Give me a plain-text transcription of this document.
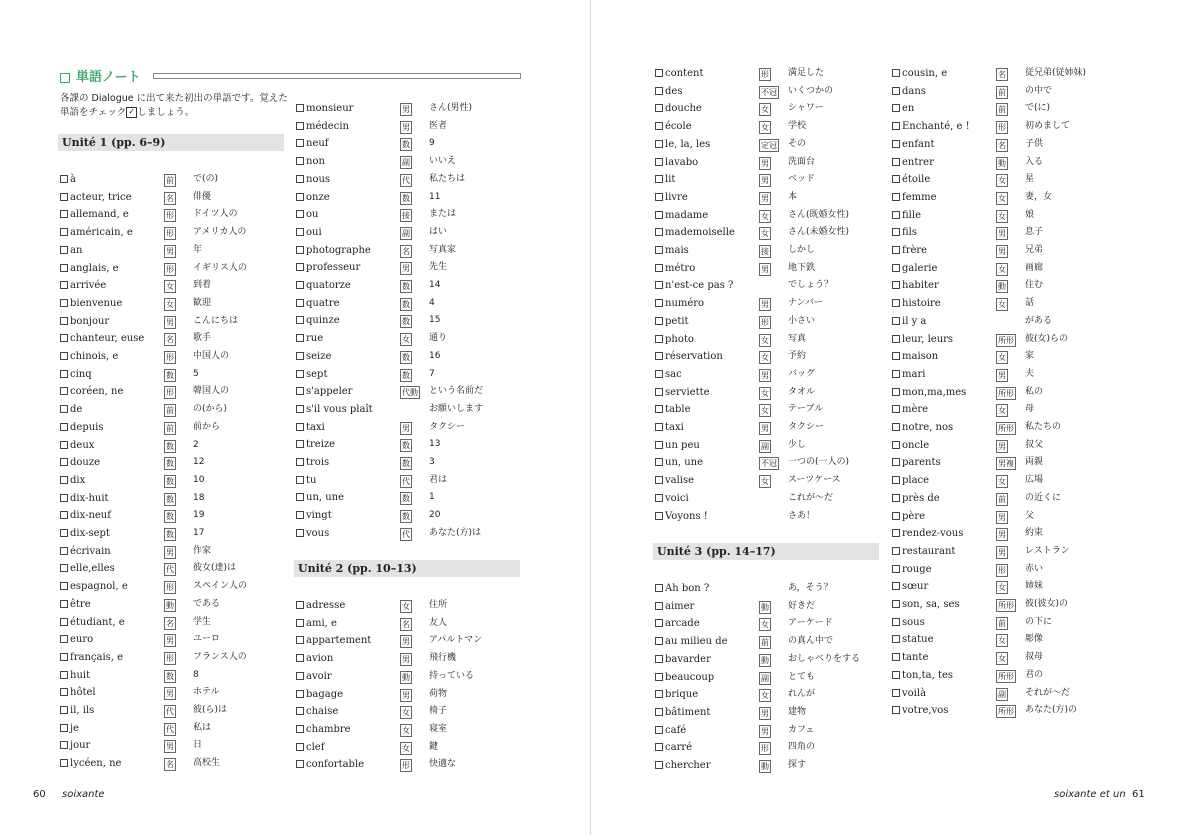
単語ノート
各課の Dialogue に出て来た初出の単語です。覚えた単語をチェック ✓ しましょう。
Unité 1 (pp. 6–9)
Unité 2 (pp. 10–13)
à	前 で(の)
acteur, trice	名 俳優
allemand, e	形 ドイツ人の
américain, e	形 アメリカ人の
an	男 年
anglais, e	形 イギリス人の
arrivée	女 到着
bienvenue	女 歓迎
bonjour	男 こんにちは
chanteur, euse	名 歌手
chinois, e	形 中国人の
cinq	数 5
coréen, ne	形 韓国人の
de	前 の(から)
depuis	前 前から
deux	数 2
douze	数 12
dix	数 10
dix-huit	数 18
dix-neuf	数 19
dix-sept	数 17
écrivain	男 作家
elle,elles	代 彼女(達)は
espagnol, e	形 スペイン人の
être	動 である
étudiant, e	名 学生
euro	男 ユーロ
français, e	形 フランス人の
huit	数 8
hôtel	男 ホテル
il, ils	代 彼(ら)は
je	代 私は
jour	男 日
lycéen, ne	名 高校生
monsieur	男 さん(男性)
médecin	男 医者
neuf	数 9
non	副 いいえ
nous	代 私たちは
onze	数 11
ou	接 または
oui	副 はい
photographe	名 写真家
professeur	男 先生
quatorze	数 14
quatre	数 4
quinze	数 15
rue	女 通り
seize	数 16
sept	数 7
s'appeler	代動 という名前だ
s'il vous plaît	お願いします
taxi	男 タクシー
treize	数 13
trois	数 3
tu	代 君は
un, une	数 1
vingt	数 20
vous	代 あなた(方)は
adresse	女 住所
ami, e	名 友人
appartement	男 アパルトマン
avion	男 飛行機
avoir	動 持っている
bagage	男 荷物
chaise	女 椅子
chambre	女 寝室
clef	女 鍵
confortable	形 快適な
60 soixante
Unité 3 (pp. 14–17)
content	形 満足した
des	不冠 いくつかの
douche	女 シャワー
école	女 学校
le, la, les	定冠 その
lavabo	男 洗面台
lit	男 ベッド
livre	男 本
madame	女 さん(既婚女性)
mademoiselle	女 さん(未婚女性)
mais	接 しかし
métro	男 地下鉄
n'est-ce pas ?	でしょう？
numéro	男 ナンバー
petit	形 小さい
photo	女 写真
réservation	女 予約
sac	男 バッグ
serviette	女 タオル
table	女 テーブル
taxi	男 タクシー
un peu	副 少し
un, une	不冠 一つの(一人の)
valise	女 スーツケース
voici	これが〜だ
Voyons !	さあ！
Ah bon ?	あ，そう？
aimer	動 好きだ
arcade	女 アーケード
au milieu de	前 の真ん中で
bavarder	動 おしゃべりをする
beaucoup	副 とても
brique	女 れんが
bâtiment	男 建物
café	男 カフェ
carré	形 四角の
chercher	動 探す
cousin, e	名 従兄弟(従姉妹)
dans	前 の中で
en	前 で(に)
Enchanté, e !	形 初めまして
enfant	名 子供
entrer	動 入る
étoile	女 星
femme	女 妻，女
fille	女 娘
fils	男 息子
frère	男 兄弟
galerie	女 画廊
habiter	動 住む
histoire	女 話
il y a	がある
leur, leurs	所形 彼(女)らの
maison	女 家
mari	男 夫
mon,ma,mes	所形 私の
mère	女 母
notre, nos	所形 私たちの
oncle	男 叔父
parents	男複 両親
place	女 広場
près de	前 の近くに
père	男 父
rendez-vous	男 約束
restaurant	男 レストラン
rouge	形 赤い
sœur	女 姉妹
son, sa, ses	所形 彼(彼女)の
sous	前 の下に
statue	女 彫像
tante	女 叔母
ton,ta, tes	所形 君の
voilà	副 それが〜だ
votre,vos	所形 あなた(方)の
soixante et un 61
